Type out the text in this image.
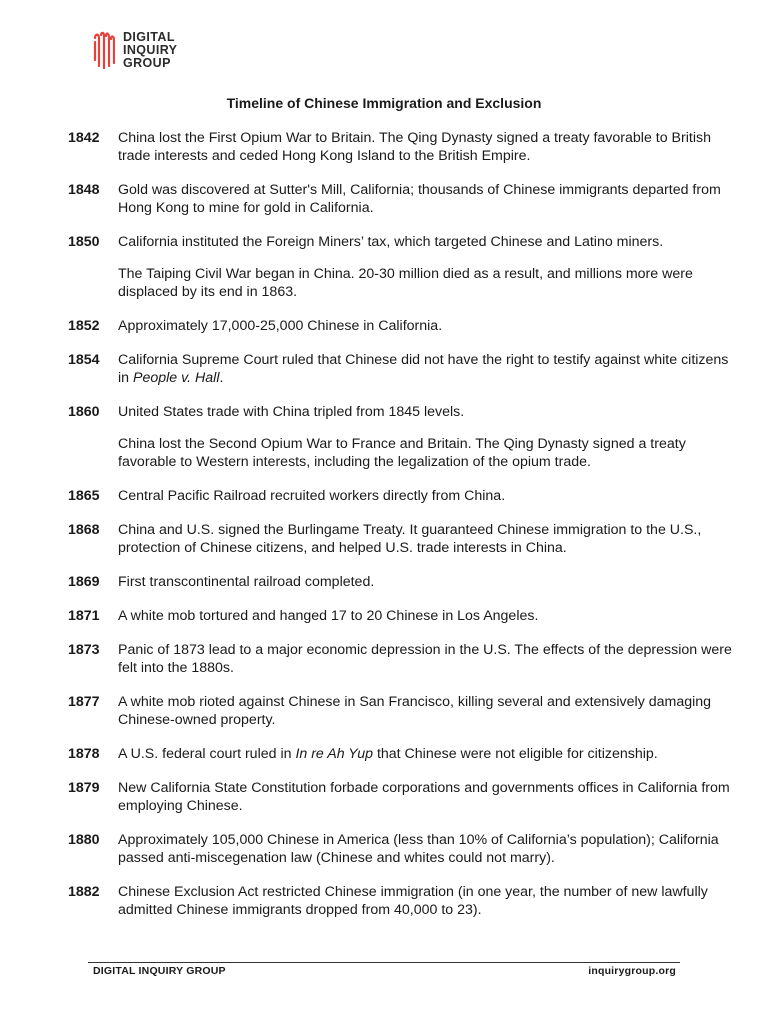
DIGITAL
INQUIRY
GROUP
Timeline of Chinese Immigration and Exclusion
1842	China lost the First Opium War to Britain. The Qing Dynasty signed a treaty favorable to British trade interests and ceded Hong Kong Island to the British Empire.

1848	Gold was discovered at Sutter's Mill, California; thousands of Chinese immigrants departed from Hong Kong to mine for gold in California.

1850	California instituted the Foreign Miners’ tax, which targeted Chinese and Latino miners.

The Taiping Civil War began in China. 20-30 million died as a result, and millions more were displaced by its end in 1863.

1852	Approximately 17,000-25,000 Chinese in California.

1854	California Supreme Court ruled that Chinese did not have the right to testify against white citizens in People v. Hall.

1860	United States trade with China tripled from 1845 levels.

China lost the Second Opium War to France and Britain. The Qing Dynasty signed a treaty favorable to Western interests, including the legalization of the opium trade.

1865	Central Pacific Railroad recruited workers directly from China.

1868	China and U.S. signed the Burlingame Treaty. It guaranteed Chinese immigration to the U.S., protection of Chinese citizens, and helped U.S. trade interests in China.

1869	First transcontinental railroad completed.

1871	A white mob tortured and hanged 17 to 20 Chinese in Los Angeles.

1873	Panic of 1873 lead to a major economic depression in the U.S. The effects of the depression were felt into the 1880s.

1877	A white mob rioted against Chinese in San Francisco, killing several and extensively damaging Chinese-owned property.

1878	A U.S. federal court ruled in In re Ah Yup that Chinese were not eligible for citizenship.

1879	New California State Constitution forbade corporations and governments offices in California from employing Chinese.

1880	Approximately 105,000 Chinese in America (less than 10% of California’s population); California passed anti-miscegenation law (Chinese and whites could not marry).

1882	Chinese Exclusion Act restricted Chinese immigration (in one year, the number of new lawfully admitted Chinese immigrants dropped from 40,000 to 23).

DIGITAL INQUIRY GROUP	inquirygroup.org
